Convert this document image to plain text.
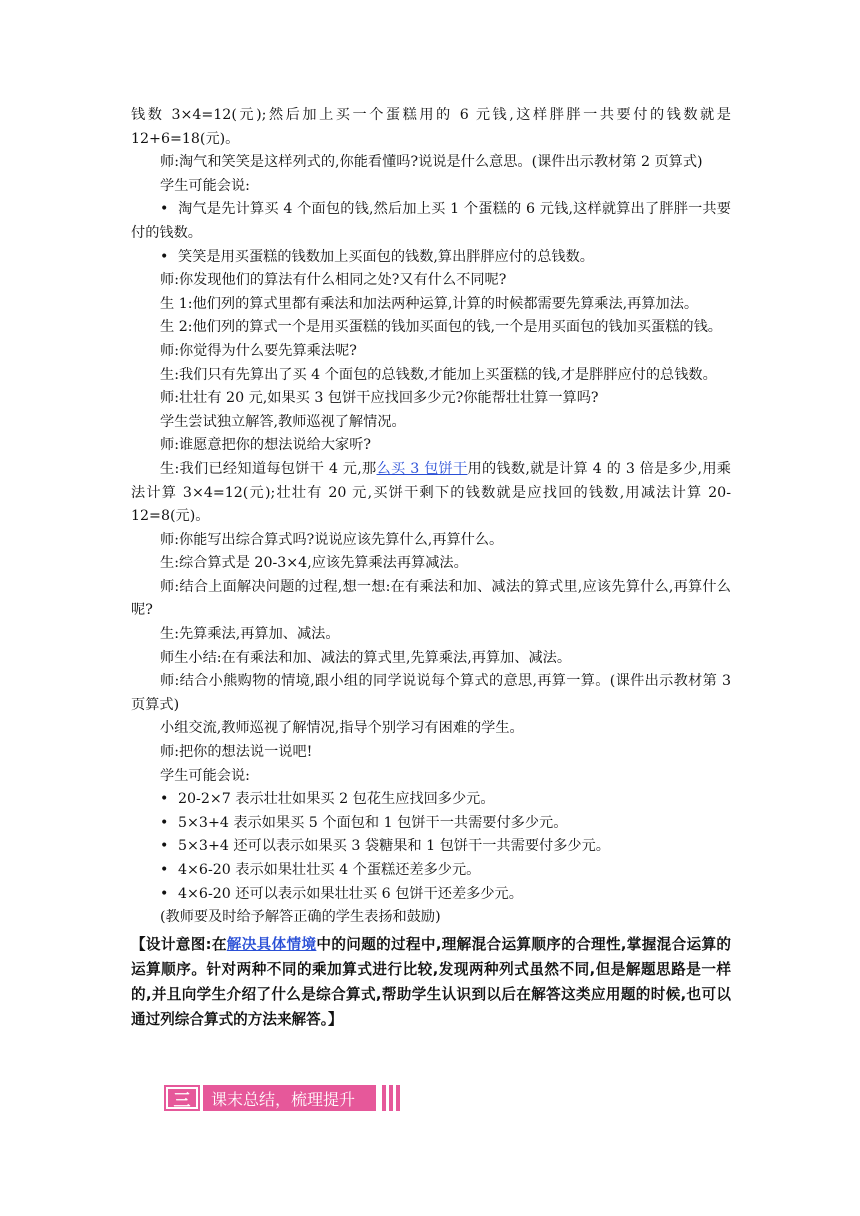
钱数 3×4=12(元);然后加上买一个蛋糕用的 6 元钱,这样胖胖一共要付的钱数就是

12+6=18(元)。

师:淘气和笑笑是这样列式的,你能看懂吗?说说是什么意思。(课件出示教材第 2 页算式)

学生可能会说:

• 淘气是先计算买 4 个面包的钱,然后加上买 1 个蛋糕的 6 元钱,这样就算出了胖胖一共要付的钱数。

• 笑笑是用买蛋糕的钱数加上买面包的钱数,算出胖胖应付的总钱数。

师:你发现他们的算法有什么相同之处?又有什么不同呢?

生 1:他们列的算式里都有乘法和加法两种运算,计算的时候都需要先算乘法,再算加法。

生 2:他们列的算式一个是用买蛋糕的钱加买面包的钱,一个是用买面包的钱加买蛋糕的钱。

师:你觉得为什么要先算乘法呢?

生:我们只有先算出了买 4 个面包的总钱数,才能加上买蛋糕的钱,才是胖胖应付的总钱数。

师:壮壮有 20 元,如果买 3 包饼干应找回多少元?你能帮壮壮算一算吗?

学生尝试独立解答,教师巡视了解情况。

师:谁愿意把你的想法说给大家听?

生:我们已经知道每包饼干 4 元,那么买 3 包饼干用的钱数,就是计算 4 的 3 倍是多少,用乘法计算 3×4=12(元);壮壮有 20 元,买饼干剩下的钱数就是应找回的钱数,用减法计算 20-12=8(元)。

师:你能写出综合算式吗?说说应该先算什么,再算什么。

生:综合算式是 20-3×4,应该先算乘法再算减法。

师:结合上面解决问题的过程,想一想:在有乘法和加、减法的算式里,应该先算什么,再算什么呢?

生:先算乘法,再算加、减法。

师生小结:在有乘法和加、减法的算式里,先算乘法,再算加、减法。

师:结合小熊购物的情境,跟小组的同学说说每个算式的意思,再算一算。(课件出示教材第 3 页算式)

小组交流,教师巡视了解情况,指导个别学习有困难的学生。

师:把你的想法说一说吧!

学生可能会说:

• 20-2×7 表示壮壮如果买 2 包花生应找回多少元。

• 5×3+4 表示如果买 5 个面包和 1 包饼干一共需要付多少元。

• 5×3+4 还可以表示如果买 3 袋糖果和 1 包饼干一共需要付多少元。

• 4×6-20 表示如果壮壮买 4 个蛋糕还差多少元。

• 4×6-20 还可以表示如果壮壮买 6 包饼干还差多少元。

(教师要及时给予解答正确的学生表扬和鼓励)

【设计意图:在解决具体情境中的问题的过程中,理解混合运算顺序的合理性,掌握混合运算的运算顺序。针对两种不同的乘加算式进行比较,发现两种列式虽然不同,但是解题思路是一样的,并且向学生介绍了什么是综合算式,帮助学生认识到以后在解答这类应用题的时候,也可以通过列综合算式的方法来解答。】
三	课末总结，梳理提升
